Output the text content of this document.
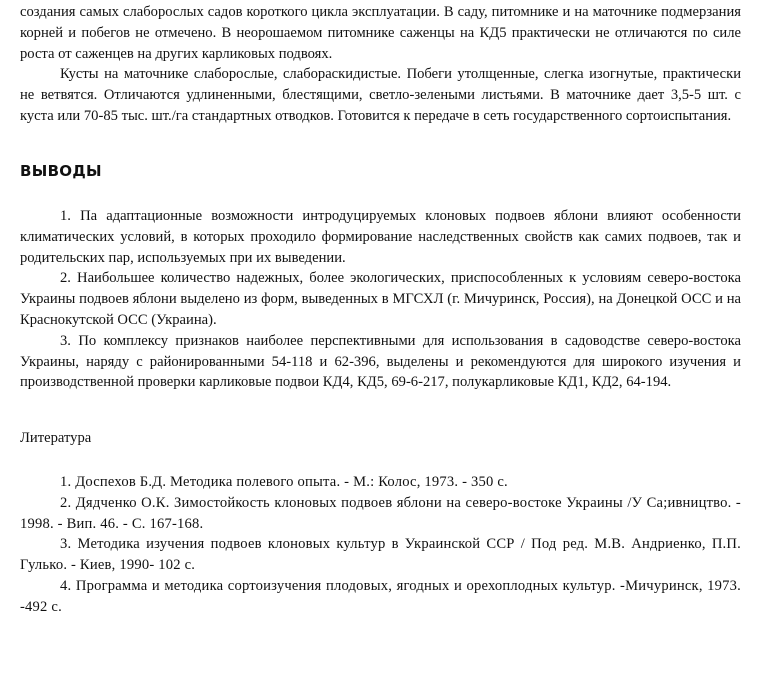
создания самых слаборослых садов короткого цикла эксплуатации. В саду, питомнике и на маточнике подмерзания корней и побегов не отмечено. В неорошаемом питомнике саженцы на КД5 практически не отличаются по силе роста от саженцев на других карликовых подвоях.

Кусты на маточнике слаборослые, слабораскидистые. Побеги утолщенные, слегка изогнутые, практически не ветвятся. Отличаются удлиненными, блестящими, светло-зелеными листьями. В маточнике дает 3,5-5 шт. с куста или 70-85 тыс. шт./га стандартных отводков. Готовится к передаче в сеть государственного сортоиспытания.

ВЫВОДЫ

1. Па адаптационные возможности интродуцируемых клоновых подвоев яблони влияют особенности климатических условий, в которых проходило формирование наследственных свойств как самих подвоев, так и родительских пар, используемых при их выведении.

2. Наибольшее количество надежных, более экологических, приспособленных к условиям северо-востока Украины подвоев яблони выделено из форм, выведенных в МГСХЛ (г. Мичуринск, Россия), на Донецкой ОСС и на Краснокутской ОСС (Украина).

3. По комплексу признаков наиболее перспективными для использования в садоводстве северо-востока Украины, наряду с районированными 54-118 и 62-396, выделены и рекомендуются для широкого изучения и производственной проверки карликовые подвои КД4, КД5, 69-6-217, полукарликовые КД1, КД2, 64-194.

Литература

1. Доспехов Б.Д. Методика полевого опыта. - М.: Колос, 1973. - 350 с.

2. Дядченко О.К. Зимостойкость клоновых подвоев яблони на северо-востоке Украины /У Са;ивництво. - 1998. - Вип. 46. - С. 167-168.

3. Методика изучения подвоев клоновых культур в Украинской ССР / Под ред. М.В. Андриенко, П.П. Гулько. - Киев, 1990- 102 с.

4. Программа и методика сортоизучения плодовых, ягодных и орехоплодных культур. -Мичуринск, 1973. -492 с.
